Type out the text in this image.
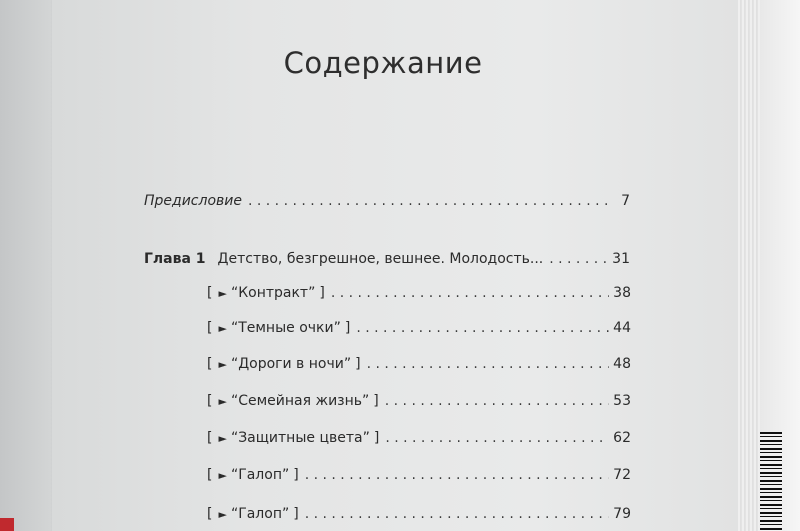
Содержание
Предисловие . . .	7
Глава 1 Детство, безгрешное, вешнее. Молодость... . . .	31
[ ► “Контракт” ] . . .	38
[ ► “Темные очки” ] . . .	44
[ ► “Дороги в ночи” ] . . .	48
[ ► “Семейная жизнь” ] . . .	53
[ ► “Защитные цвета” ] . . .	62
[ ► “Галоп” ] . . .	72
[ ► “Галоп” ] . . .	79
